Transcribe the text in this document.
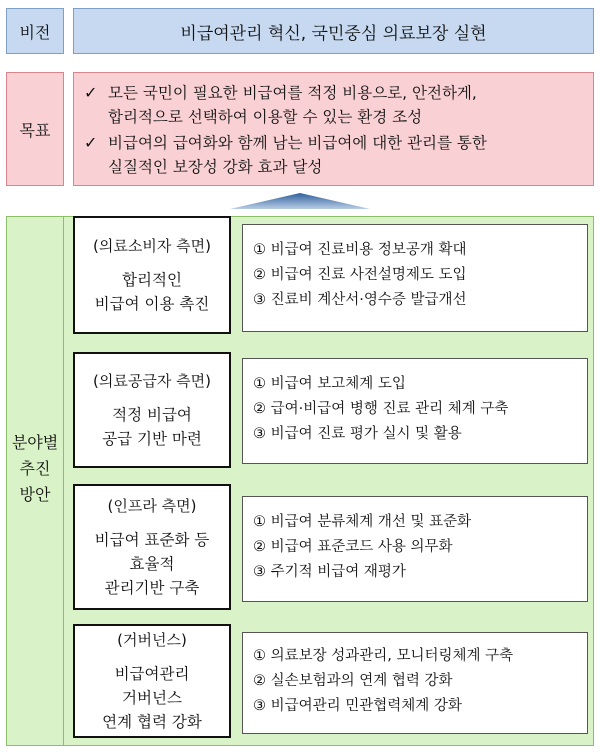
비전	비급여관리 혁신, 국민중심 의료보장 실현
목표
✓ 모든 국민이 필요한 비급여를 적정 비용으로, 안전하게,
합리적으로 선택하여 이용할 수 있는 환경 조성
✓ 비급여의 급여화와 함께 남는 비급여에 대한 관리를 통한
실질적인 보장성 강화 효과 달성
분야별
추진
방안
(의료소비자 측면)
합리적인
비급여 이용 촉진
① 비급여 진료비용 정보공개 확대
② 비급여 진료 사전설명제도 도입
③ 진료비 계산서·영수증 발급개선
(의료공급자 측면)
적정 비급여
공급 기반 마련
① 비급여 보고체계 도입
② 급여·비급여 병행 진료 관리 체계 구축
③ 비급여 진료 평가 실시 및 활용
(인프라 측면)
비급여 표준화 등
효율적
관리기반 구축
① 비급여 분류체계 개선 및 표준화
② 비급여 표준코드 사용 의무화
③ 주기적 비급여 재평가
(거버넌스)
비급여관리
거버넌스
연계 협력 강화
① 의료보장 성과관리, 모니터링체계 구축
② 실손보험과의 연계 협력 강화
③ 비급여관리 민관협력체계 강화
